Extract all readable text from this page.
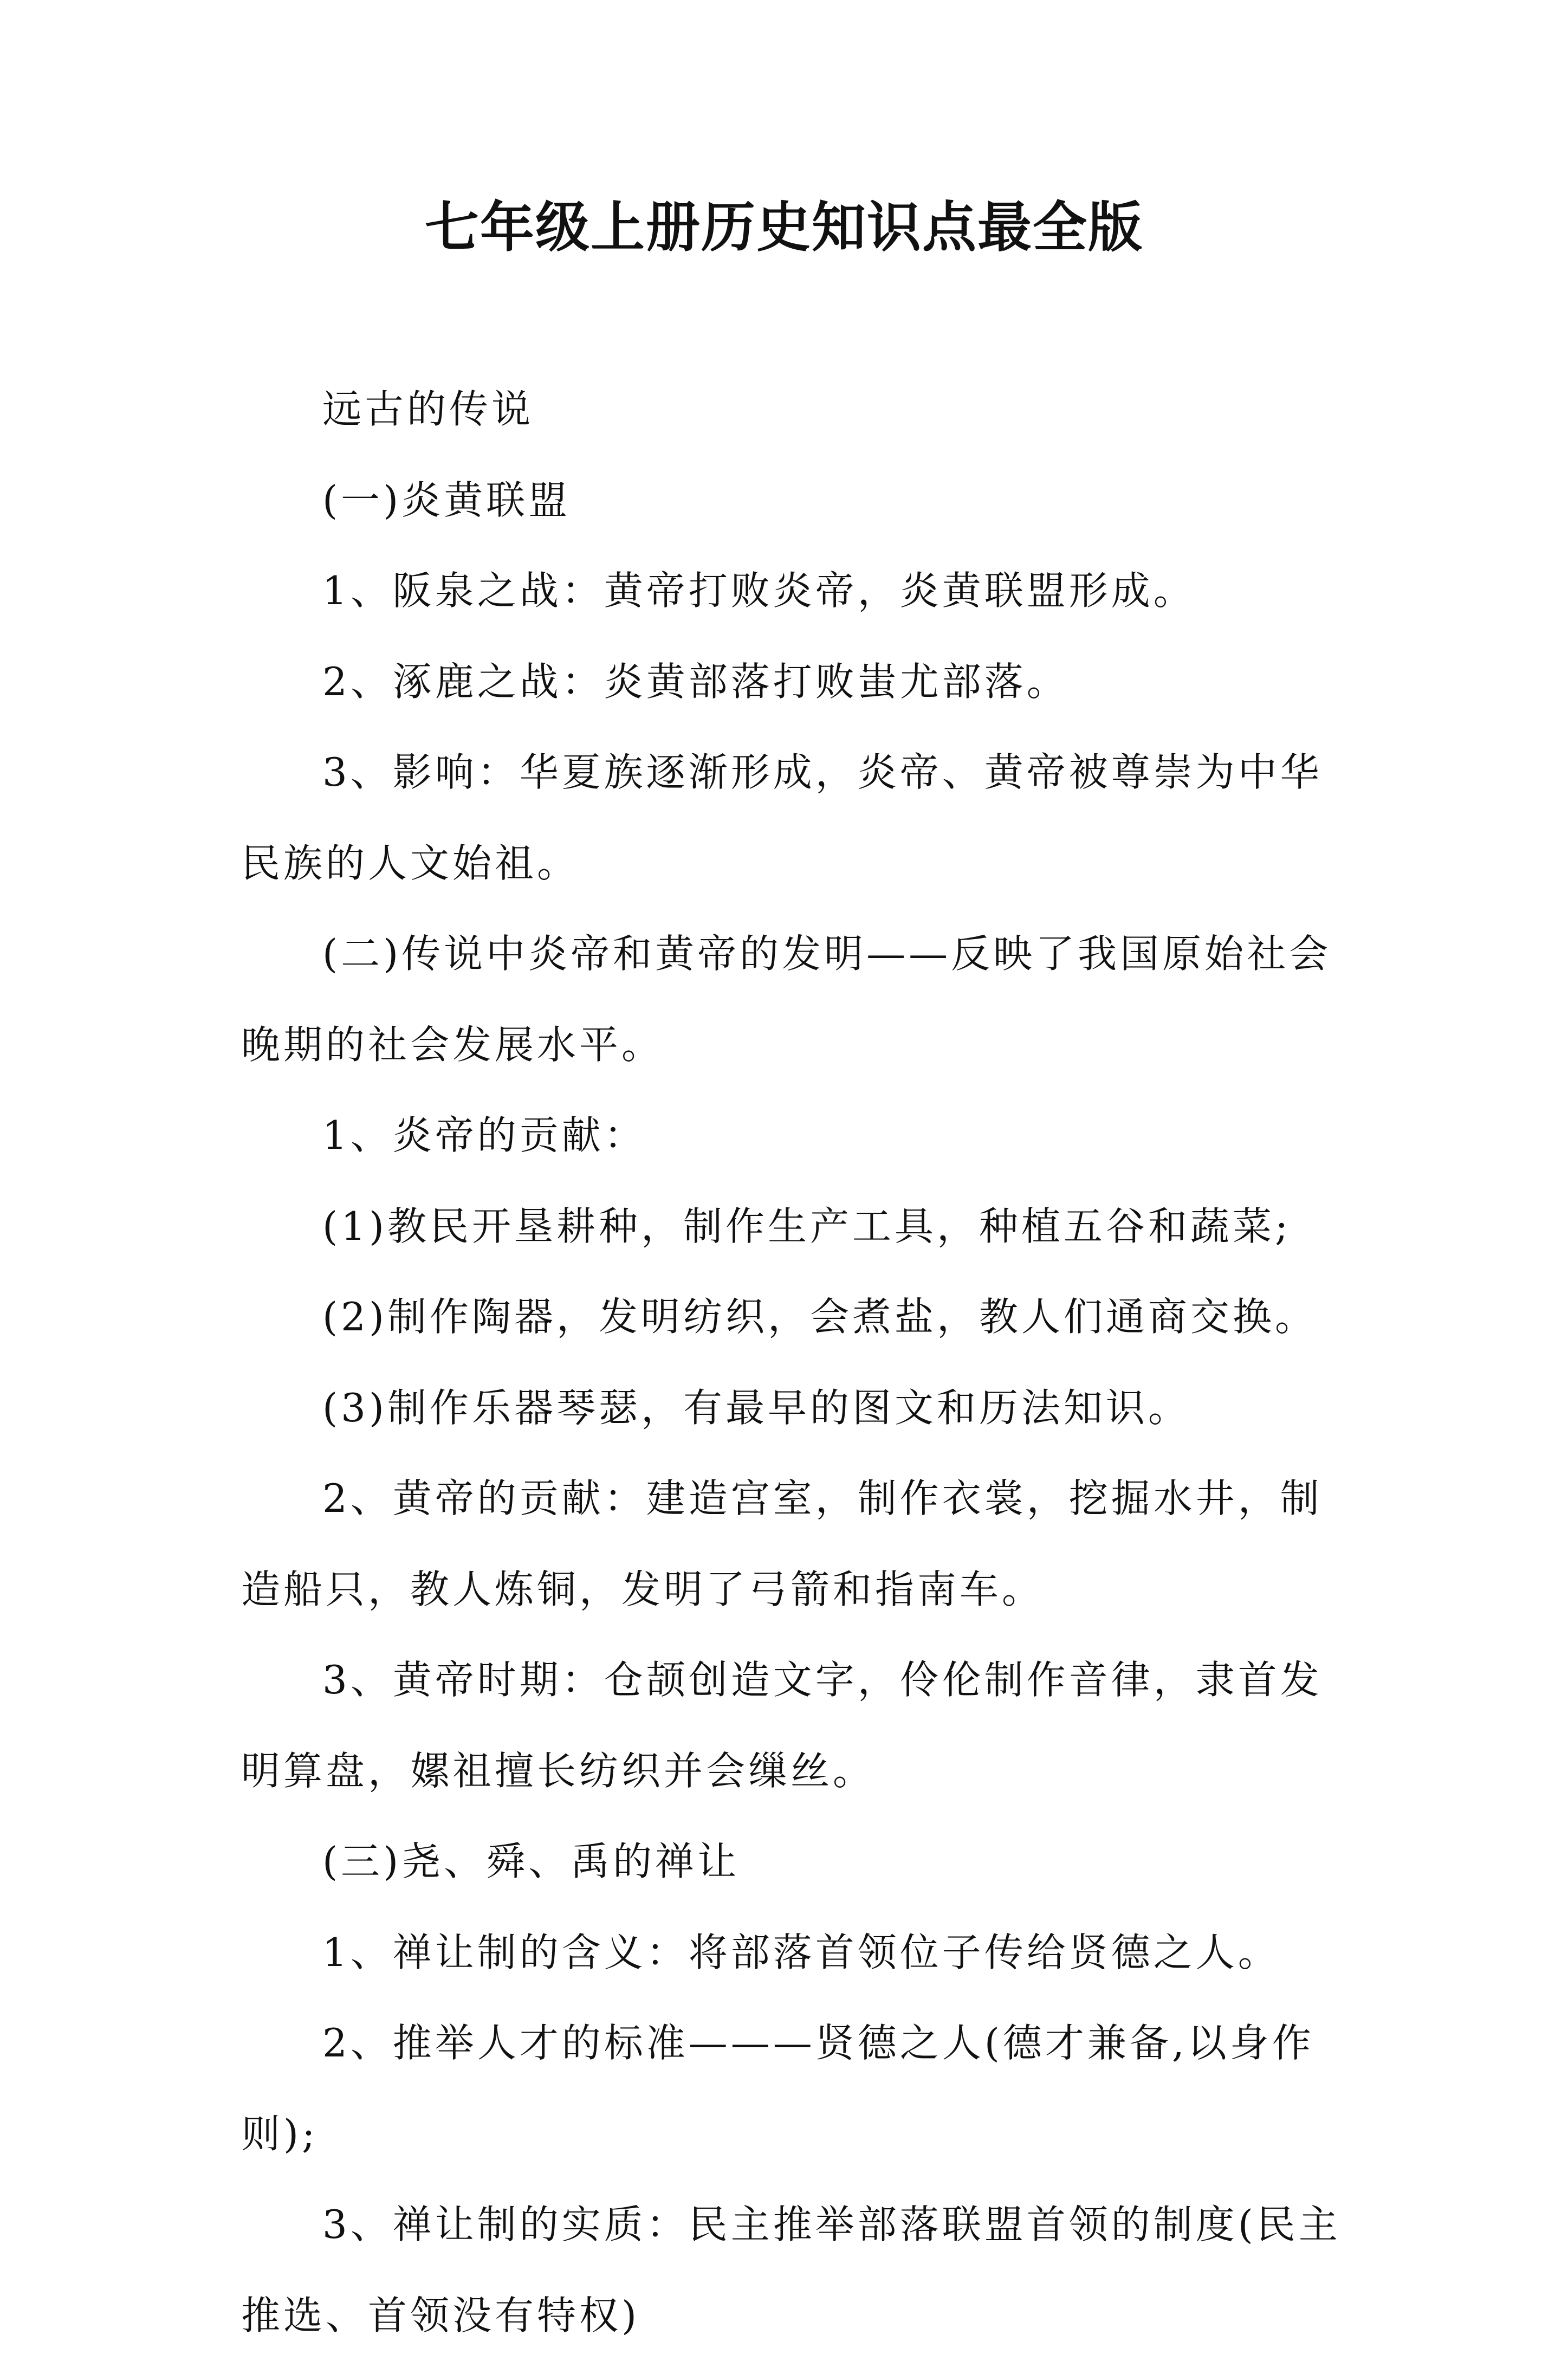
七年级上册历史知识点最全版

远古的传说

(一)炎黄联盟

1、阪泉之战：黄帝打败炎帝，炎黄联盟形成。

2、涿鹿之战：炎黄部落打败蚩尤部落。

3、影响：华夏族逐渐形成，炎帝、黄帝被尊崇为中华民族的人文始祖。

(二)传说中炎帝和黄帝的发明——反映了我国原始社会晚期的社会发展水平。

1、炎帝的贡献：

(1)教民开垦耕种，制作生产工具，种植五谷和蔬菜;

(2)制作陶器，发明纺织，会煮盐，教人们通商交换。

(3)制作乐器琴瑟，有最早的图文和历法知识。

2、黄帝的贡献：建造宫室，制作衣裳，挖掘水井，制造船只，教人炼铜，发明了弓箭和指南车。

3、黄帝时期：仓颉创造文字，伶伦制作音律，隶首发明算盘，嫘祖擅长纺织并会缫丝。

(三)尧、舜、禹的禅让

1、禅让制的含义：将部落首领位子传给贤德之人。

2、推举人才的标准———贤德之人(德才兼备,以身作则);

3、禅让制的实质：民主推举部落联盟首领的制度(民主推选、首领没有特权)
